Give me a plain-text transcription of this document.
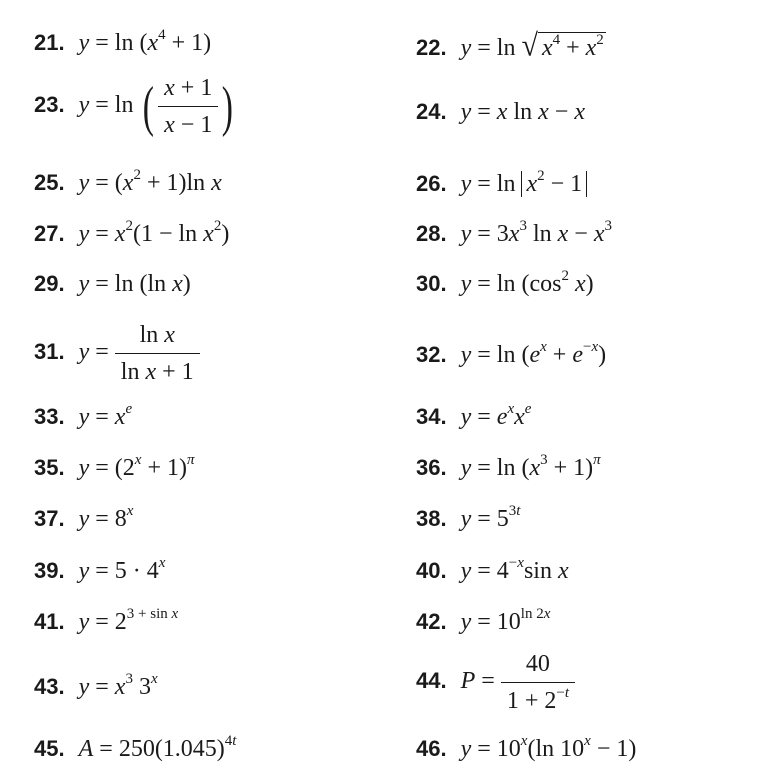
21. $y = \ln (x^4 + 1)$	22. y = ln √ $x^4 + x^2$
23. y = ln ( $\frac{x + 1}{x - 1}$ )	24. y = x ln x − x
25. $y = (x^2 + 1)\ln$ x	26. $y = \ln x^2 - 1$
27. $y = x^2(1 - \ln x^2)$	28. $y = 3x^3$ $\ln x - x^3$
29. y = ln (ln x)	30. $y = \ln (\cos^2$ x)
31. $y = \frac{\text{ln x}}{\text{ln x + 1}}$	32. $y = \ln (e^x + e^{-x})$
33. $y = x^e$	34. $y = e^xx^e$
35. $y = (2^x + 1)^\pi$	36. $y = \ln (x^3 + 1)^\pi$
37. $y = 8^x$	38. $y = 5^{3t}$
39. $y = 5 \cdot 4^x$	40. $y = 4^{-x}\sin$ x
41. $y = 2^{3 + sin x}$	42. $y = 10^{ln 2x}$
43. $y = x^3$ 3$^x$	44. $P = \frac{40}{1 + 2^{-t}}$
45. $A = 250(1.045)^{4t}$	46. $y = 10^x(\ln$ $10^x - 1$)
